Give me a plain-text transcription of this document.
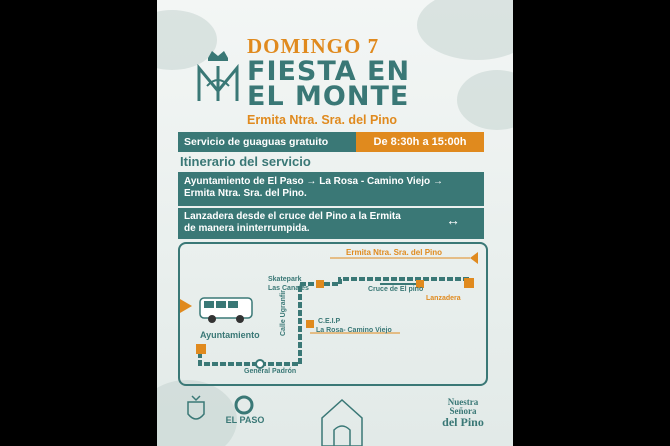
DOMINGO 7
FIESTA EN
EL MONTE
Ermita Ntra. Sra. del Pino
Servicio de guaguas gratuito	De 8:30h a 15:00h
Itinerario del servicio
Ayuntamiento de El Paso → La Rosa - Camino Viejo →
Ermita Ntra. Sra. del Pino.
Lanzadera desde el cruce del Pino a la Ermita
de manera ininterrumpida.
↔
Ermita Ntra. Sra. del Pino
Skatepark
Las Canales	Cruce de El pino
Lanzadera
C.E.I.P
La Rosa- Camino Viejo
Calle Ugranfir
Ayuntamiento
General Padrón
EL PASO
Nuestra
Señora
del Pino
